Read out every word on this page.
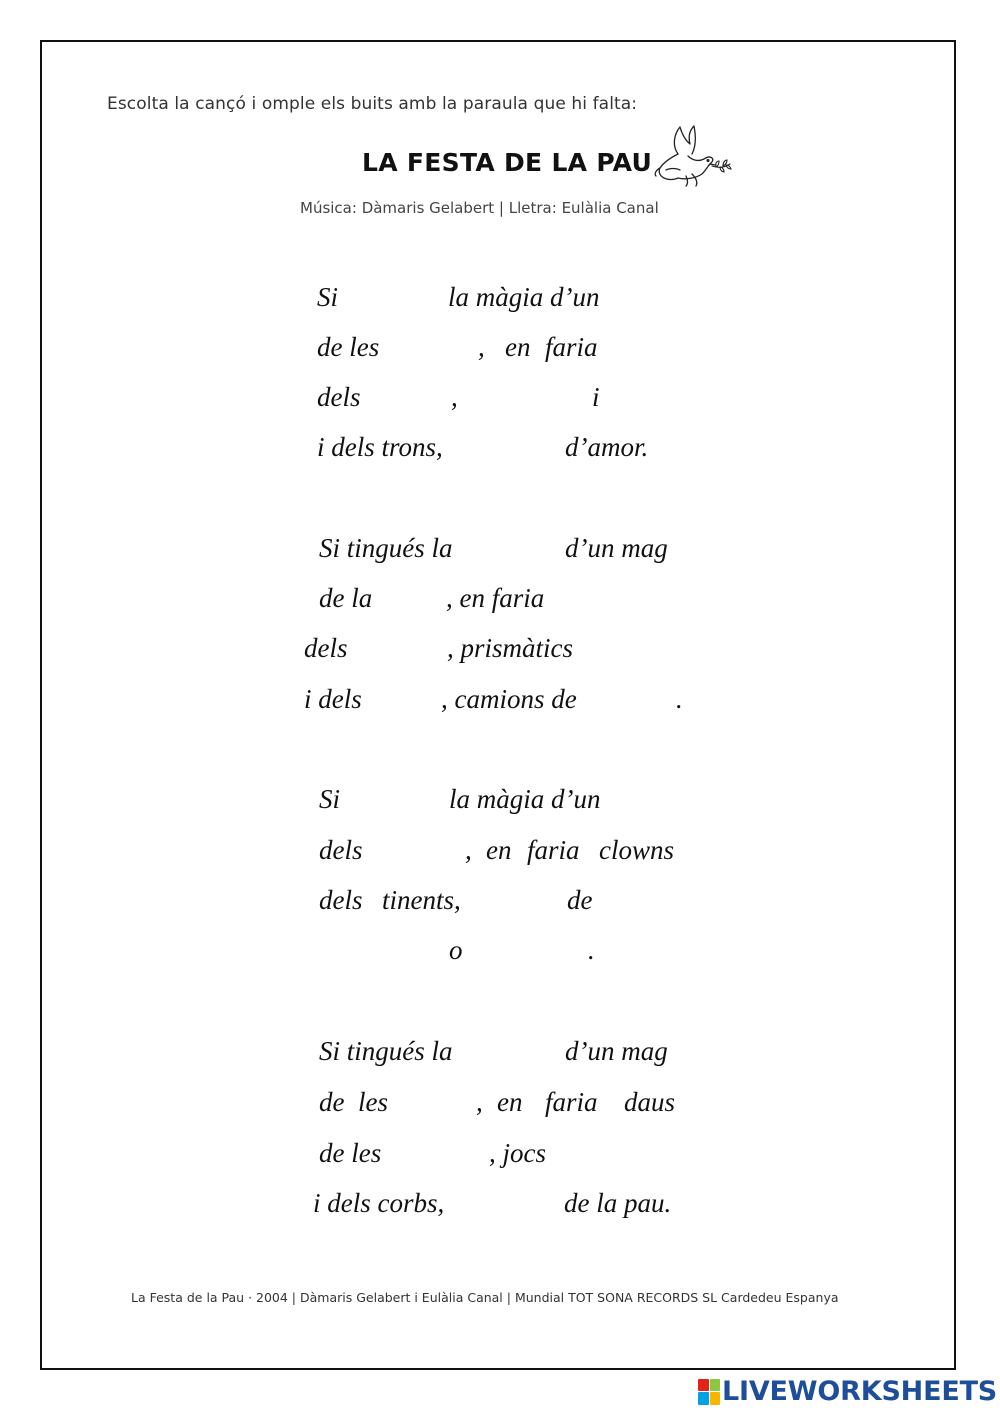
Escolta la cançó i omple els buits amb la paraula que hi falta:
LA FESTA DE LA PAU
Música: Dàmaris Gelabert | Lletra: Eulàlia Canal
Si	la màgia d’un
de les	, en faria
dels	,	i
i dels trons,	d’amor.
Si tingués la	d’un mag
de la	, en faria
dels	, prismàtics
i dels	, camions de	.
Si	la màgia d’un
dels	, en faria clowns
dels tinents,	de
o	.
Si tingués la	d’un mag
de les	, en faria daus
de les	, jocs
i dels corbs,	de la pau.
La Festa de la Pau · 2004 | Dàmaris Gelabert i Eulàlia Canal | Mundial TOT SONA RECORDS SL Cardedeu Espanya
LIVEWORKSHEETS
